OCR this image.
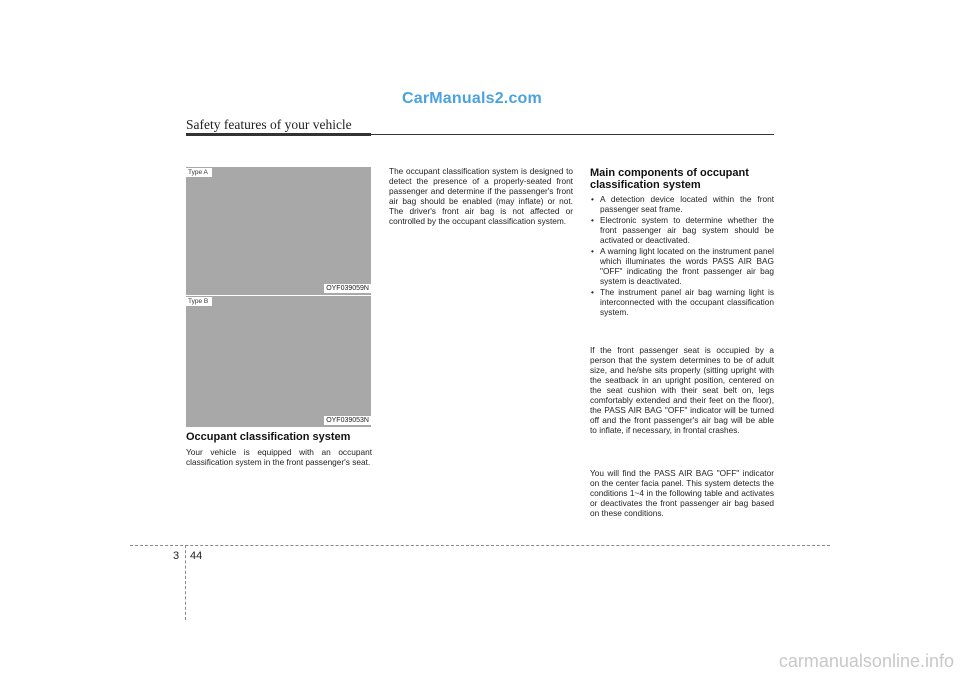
CarManuals2.com
Safety features of your vehicle
Type A
OYF039059N
Type B
OYF039053N
Occupant classification system

Your vehicle is equipped with an occupant classification system in the front passenger's seat.

The occupant classification system is designed to detect the presence of a properly-seated front passenger and determine if the passenger's front air bag should be enabled (may inflate) or not. The driver's front air bag is not affected or controlled by the occupant classification system.

Main components of occupant classification system
• A detection device located within the front passenger seat frame.
• Electronic system to determine whether the front passenger air bag system should be activated or deactivated.
• A warning light located on the instrument panel which illuminates the words PASS AIR BAG "OFF" indicating the front passenger air bag system is deactivated.
• The instrument panel air bag warning light is interconnected with the occupant classification system.

If the front passenger seat is occupied by a person that the system determines to be of adult size, and he/she sits properly (sitting upright with the seatback in an upright position, centered on the seat cushion with their seat belt on, legs comfortably extended and their feet on the floor), the PASS AIR BAG "OFF" indicator will be turned off and the front passenger's air bag will be able to inflate, if necessary, in frontal crashes.

You will find the PASS AIR BAG "OFF" indicator on the center facia panel. This system detects the conditions 1~4 in the following table and activates or deactivates the front passenger air bag based on these conditions.

3 44
carmanualsonline.info
